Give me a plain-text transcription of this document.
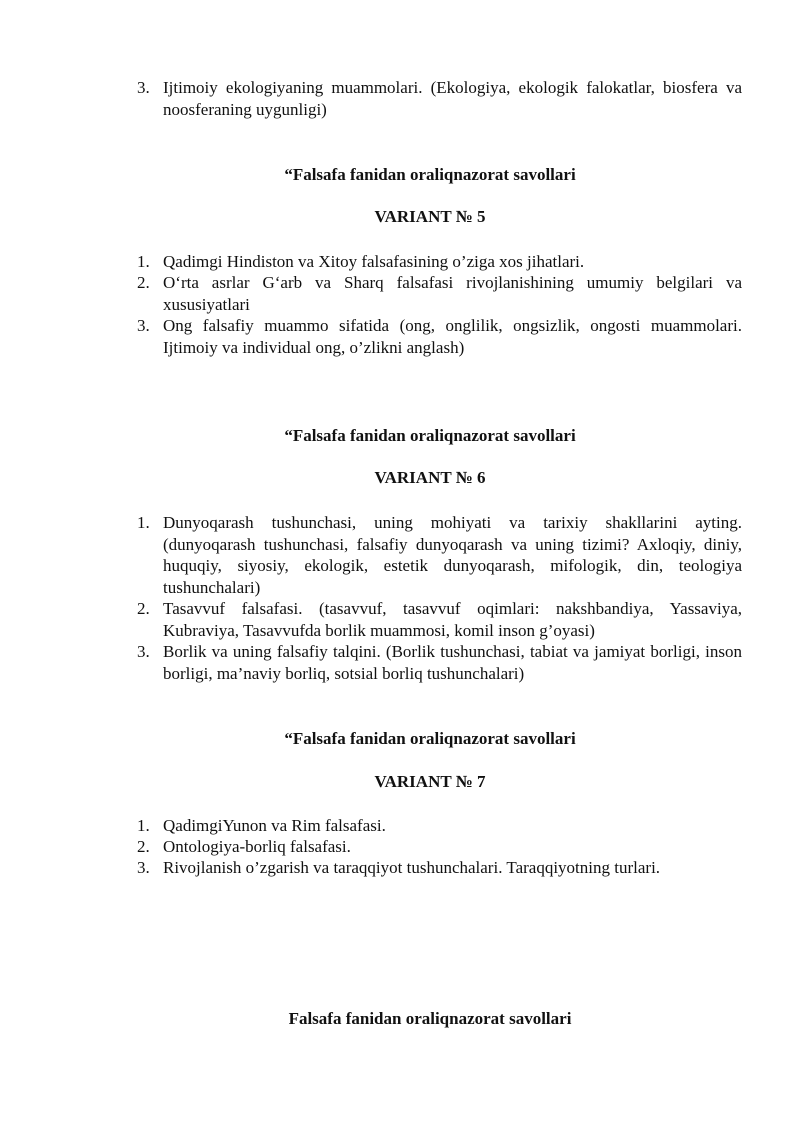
3. Ijtimoiy ekologiyaning muammolari. (Ekologiya, ekologik falokatlar, biosfera va noosferaning uygunligi)
“Falsafa fanidan oraliqnazorat savollari
VARIANT № 5
1. Qadimgi Hindiston va Xitoy falsafasining o’ziga xos jihatlari.
2. O‘rta asrlar G‘arb va Sharq falsafasi rivojlanishining umumiy belgilari va xususiyatlari
3. Ong falsafiy muammo sifatida (ong, onglilik, ongsizlik, ongosti muammolari. Ijtimoiy va individual ong, o’zlikni anglash)
“Falsafa fanidan oraliqnazorat savollari
VARIANT № 6
1. Dunyoqarash tushunchasi, uning mohiyati va tarixiy shakllarini ayting. (dunyoqarash tushunchasi, falsafiy dunyoqarash va uning tizimi? Axloqiy, diniy, huquqiy, siyosiy, ekologik, estetik dunyoqarash, mifologik, din, teologiya tushunchalari)
2. Tasavvuf falsafasi. (tasavvuf, tasavvuf oqimlari: nakshbandiya, Yassaviya, Kubraviya, Tasavvufda borlik muammosi, komil inson g’oyasi)
3. Borlik va uning falsafiy talqini. (Borlik tushunchasi, tabiat va jamiyat borligi, inson borligi, ma’naviy borliq, sotsial borliq tushunchalari)
“Falsafa fanidan oraliqnazorat savollari
VARIANT № 7
1. QadimgiYunon va Rim falsafasi.
2. Ontologiya-borliq falsafasi.
3. Rivojlanish o’zgarish va taraqqiyot tushunchalari. Taraqqiyotning turlari.
Falsafa fanidan oraliqnazorat savollari
